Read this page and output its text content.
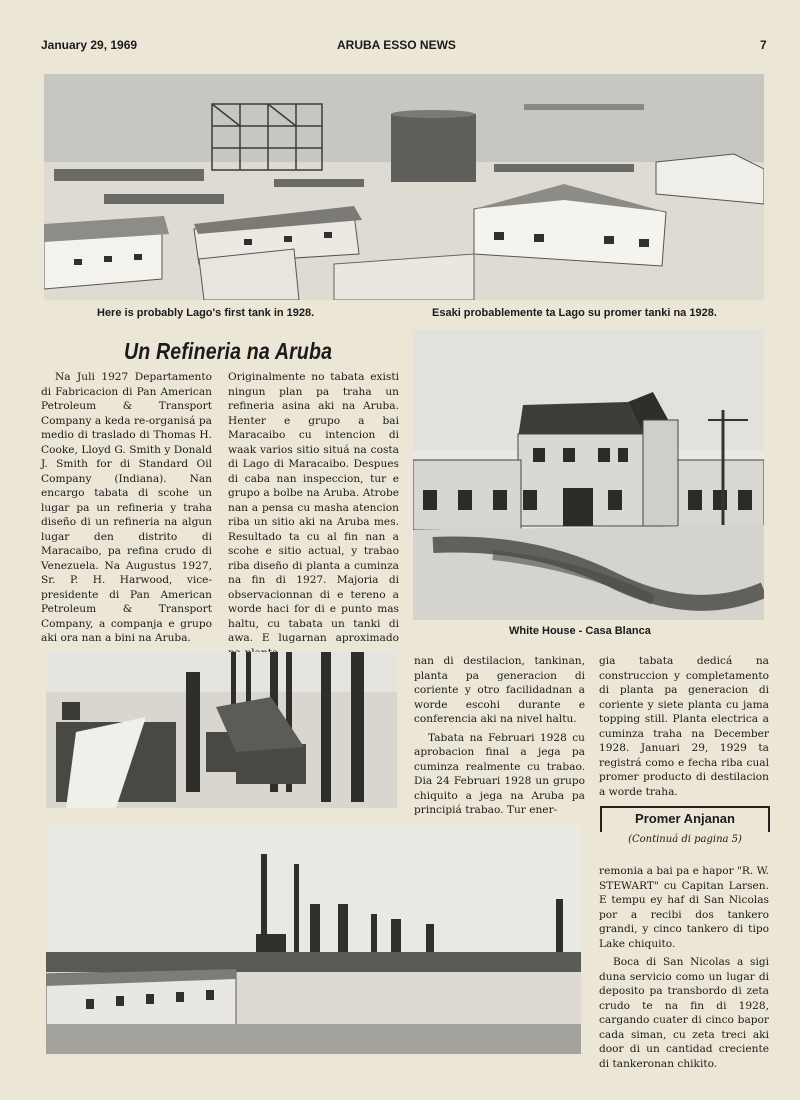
January 29, 1969	ARUBA ESSO NEWS	7
Here is probably Lago's first tank in 1928.	Esaki probablemente ta Lago su promer tanki na 1928.
Un Refineria na Aruba

Na Juli 1927 Departamento di Fabricacion di Pan American Petroleum & Transport Company a keda re-organisá pa medio di traslado di Thomas H. Cooke, Lloyd G. Smith y Donald J. Smith for di Standard Oil Company (Indiana). Nan encargo tabata di scohe un lugar pa un refineria y traha diseño di un refineria na algun lugar den distrito di Maracaibo, pa refina crudo di Venezuela. Na Augustus 1927, Sr. P. H. Harwood, vice-presidente di Pan American Petroleum & Transport Company, a companja e grupo aki ora nan a bini na Aruba.

Originalmente no tabata existi ningun plan pa traha un refineria asina aki na Aruba. Henter e grupo a bai Maracaibo cu intencion di waak varios sitio situá na costa di Lago di Maracaibo. Despues di caba nan inspeccion, tur e grupo a bolbe na Aruba. Atrobe nan a pensa cu masha atencion riba un sitio aki na Aruba mes. Resultado ta cu al fin nan a scohe e sitio actual, y trabao riba diseño di planta a cuminza na fin di 1927. Majoria di observacionnan di e tereno a worde haci for di e punto mas haltu, cu tabata un tanki di awa. E lugarnan aproximado

White House - Casa Blanca

nan di destilacion, tankinan, planta pa generacion di coriente y otro facilidadnan a worde escohi durante e conferencia aki na nivel haltu.

Tabata na Februari 1928 cu aprobacion final a jega pa cuminza realmente cu trabao. Dia 24 Februari 1928 un grupo chiquito a jega na Aruba pa principiá trabao. Tur ener-

gia tabata dedicá na construccion y completamento di planta pa generacion di coriente y siete planta cu jama topping still. Planta electrica a cuminza traha na December 1928. Januari 29, 1929 ta registrá como e fecha riba cual promer producto di destilacion a worde traha.

Promer Anjanan
(Continuá di pagina 5)

remonia a bai pa e hapor "R. W. STEWART" cu Capitan Larsen. E tempu ey haf di San Nicolas por a recibi dos tankero grandi, y cinco tankero di tipo Lake chiquito.

Boca di San Nicolas a sigi duna servicio como un lugar di deposito pa transbordo di zeta crudo te na fin di 1928, cargando cuater di cinco bapor cada siman, cu zeta treci aki door di un cantidad creciente di tankeronan chikito.
